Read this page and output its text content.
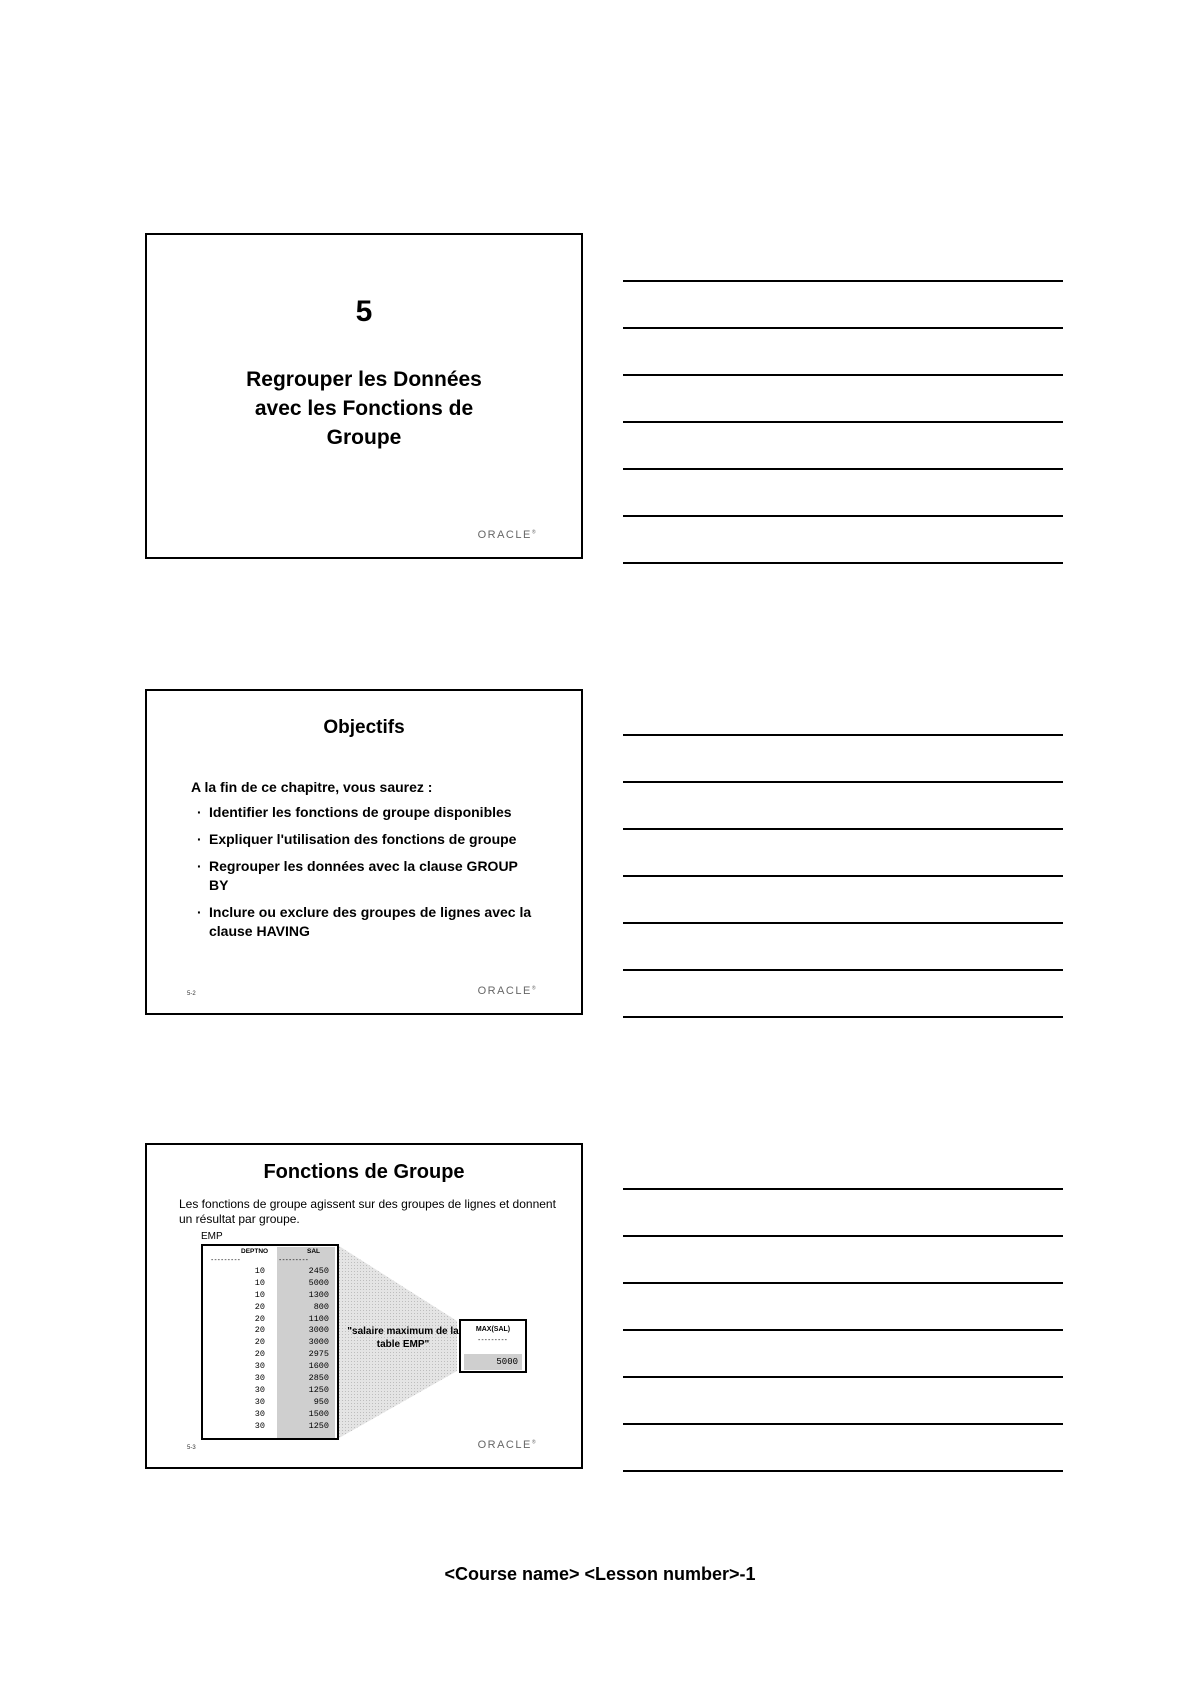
5
Regrouper les Données
avec les Fonctions de
Groupe
ORACLE®
Objectifs
A la fin de ce chapitre, vous saurez :
· Identifier les fonctions de groupe disponibles
· Expliquer l'utilisation des fonctions de groupe
· Regrouper les données avec la clause GROUP BY
· Inclure ou exclure des groupes de lignes avec la clause HAVING
5-2	ORACLE®
Fonctions de Groupe
Les fonctions de groupe agissent sur des groupes de lignes et donnent un résultat par groupe.
EMP
DEPTNO	SAL
---------	---------
10	2450
10	5000
10	1300
20	800
20	1100
20	3000
20	3000
20	2975
30	1600
30	2850
30	1250
30	950
30	1500
30	1250
"salaire maximum de la table EMP"
MAX(SAL)
---------
5000
5-3	ORACLE®
<Course name> <Lesson number>-1
